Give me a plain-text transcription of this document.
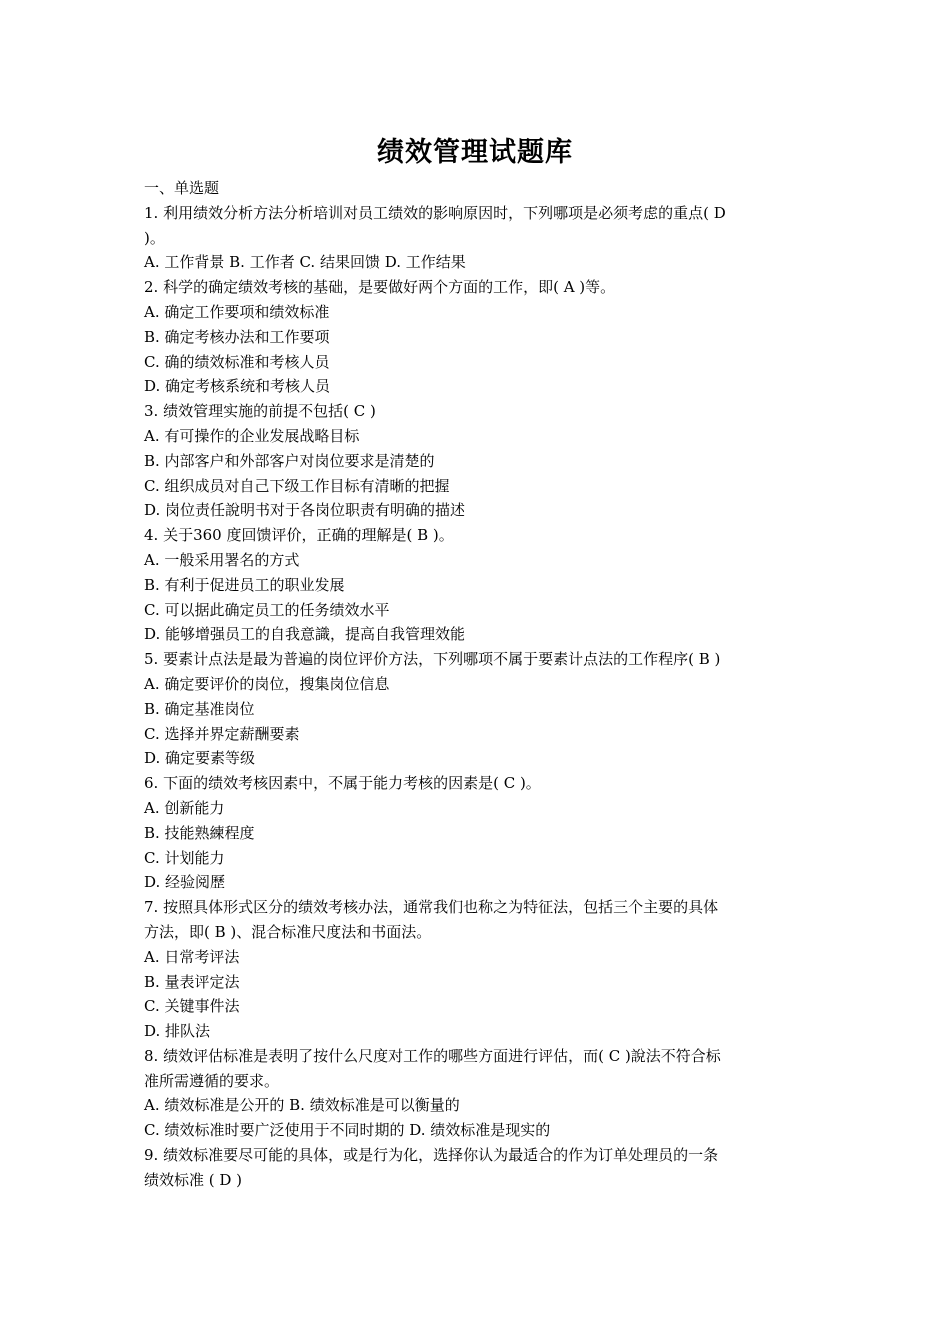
绩效管理试题库

一、单选题

1. 利用绩效分析方法分析培训对员工绩效的影响原因时，下列哪项是必须考虑的重点( D )。

A. 工作背景 B. 工作者 C. 结果回馈 D. 工作结果

2. 科学的确定绩效考核的基础，是要做好两个方面的工作，即( A )等。

A. 确定工作要项和绩效标准

B. 确定考核办法和工作要项

C. 确的绩效标准和考核人员

D. 确定考核系统和考核人员

3. 绩效管理实施的前提不包括( C )

A. 有可操作的企业发展战略目标

B. 内部客户和外部客户对岗位要求是清楚的

C. 组织成员对自己下级工作目标有清晰的把握

D. 岗位责任說明书对于各岗位职责有明确的描述

4. 关于360 度回馈评价，正确的理解是( B )。

A. 一般采用署名的方式

B. 有利于促进员工的职业发展

C. 可以据此确定员工的任务绩效水平

D. 能够增强员工的自我意識，提高自我管理效能

5. 要素计点法是最为普遍的岗位评价方法，下列哪项不属于要素计点法的工作程序( B )

A. 确定要评价的岗位，搜集岗位信息

B. 确定基准岗位

C. 选择并界定薪酬要素

D. 确定要素等级

6. 下面的绩效考核因素中，不属于能力考核的因素是( C )。

A. 创新能力

B. 技能熟練程度

C. 计划能力

D. 经验阅歷

7. 按照具体形式区分的绩效考核办法，通常我们也称之为特征法，包括三个主要的具体方法，即( B )、混合标准尺度法和书面法。

A. 日常考评法

B. 量表评定法

C. 关键事件法

D. 排队法

8. 绩效评估标准是表明了按什么尺度对工作的哪些方面进行评估，而( C )說法不符合标准所需遵循的要求。

A. 绩效标准是公开的 B. 绩效标准是可以衡量的

C. 绩效标准时要广泛使用于不同时期的 D. 绩效标准是现实的

9. 绩效标准要尽可能的具体，或是行为化，选择你认为最适合的作为订单处理员的一条绩效标准 ( D )
